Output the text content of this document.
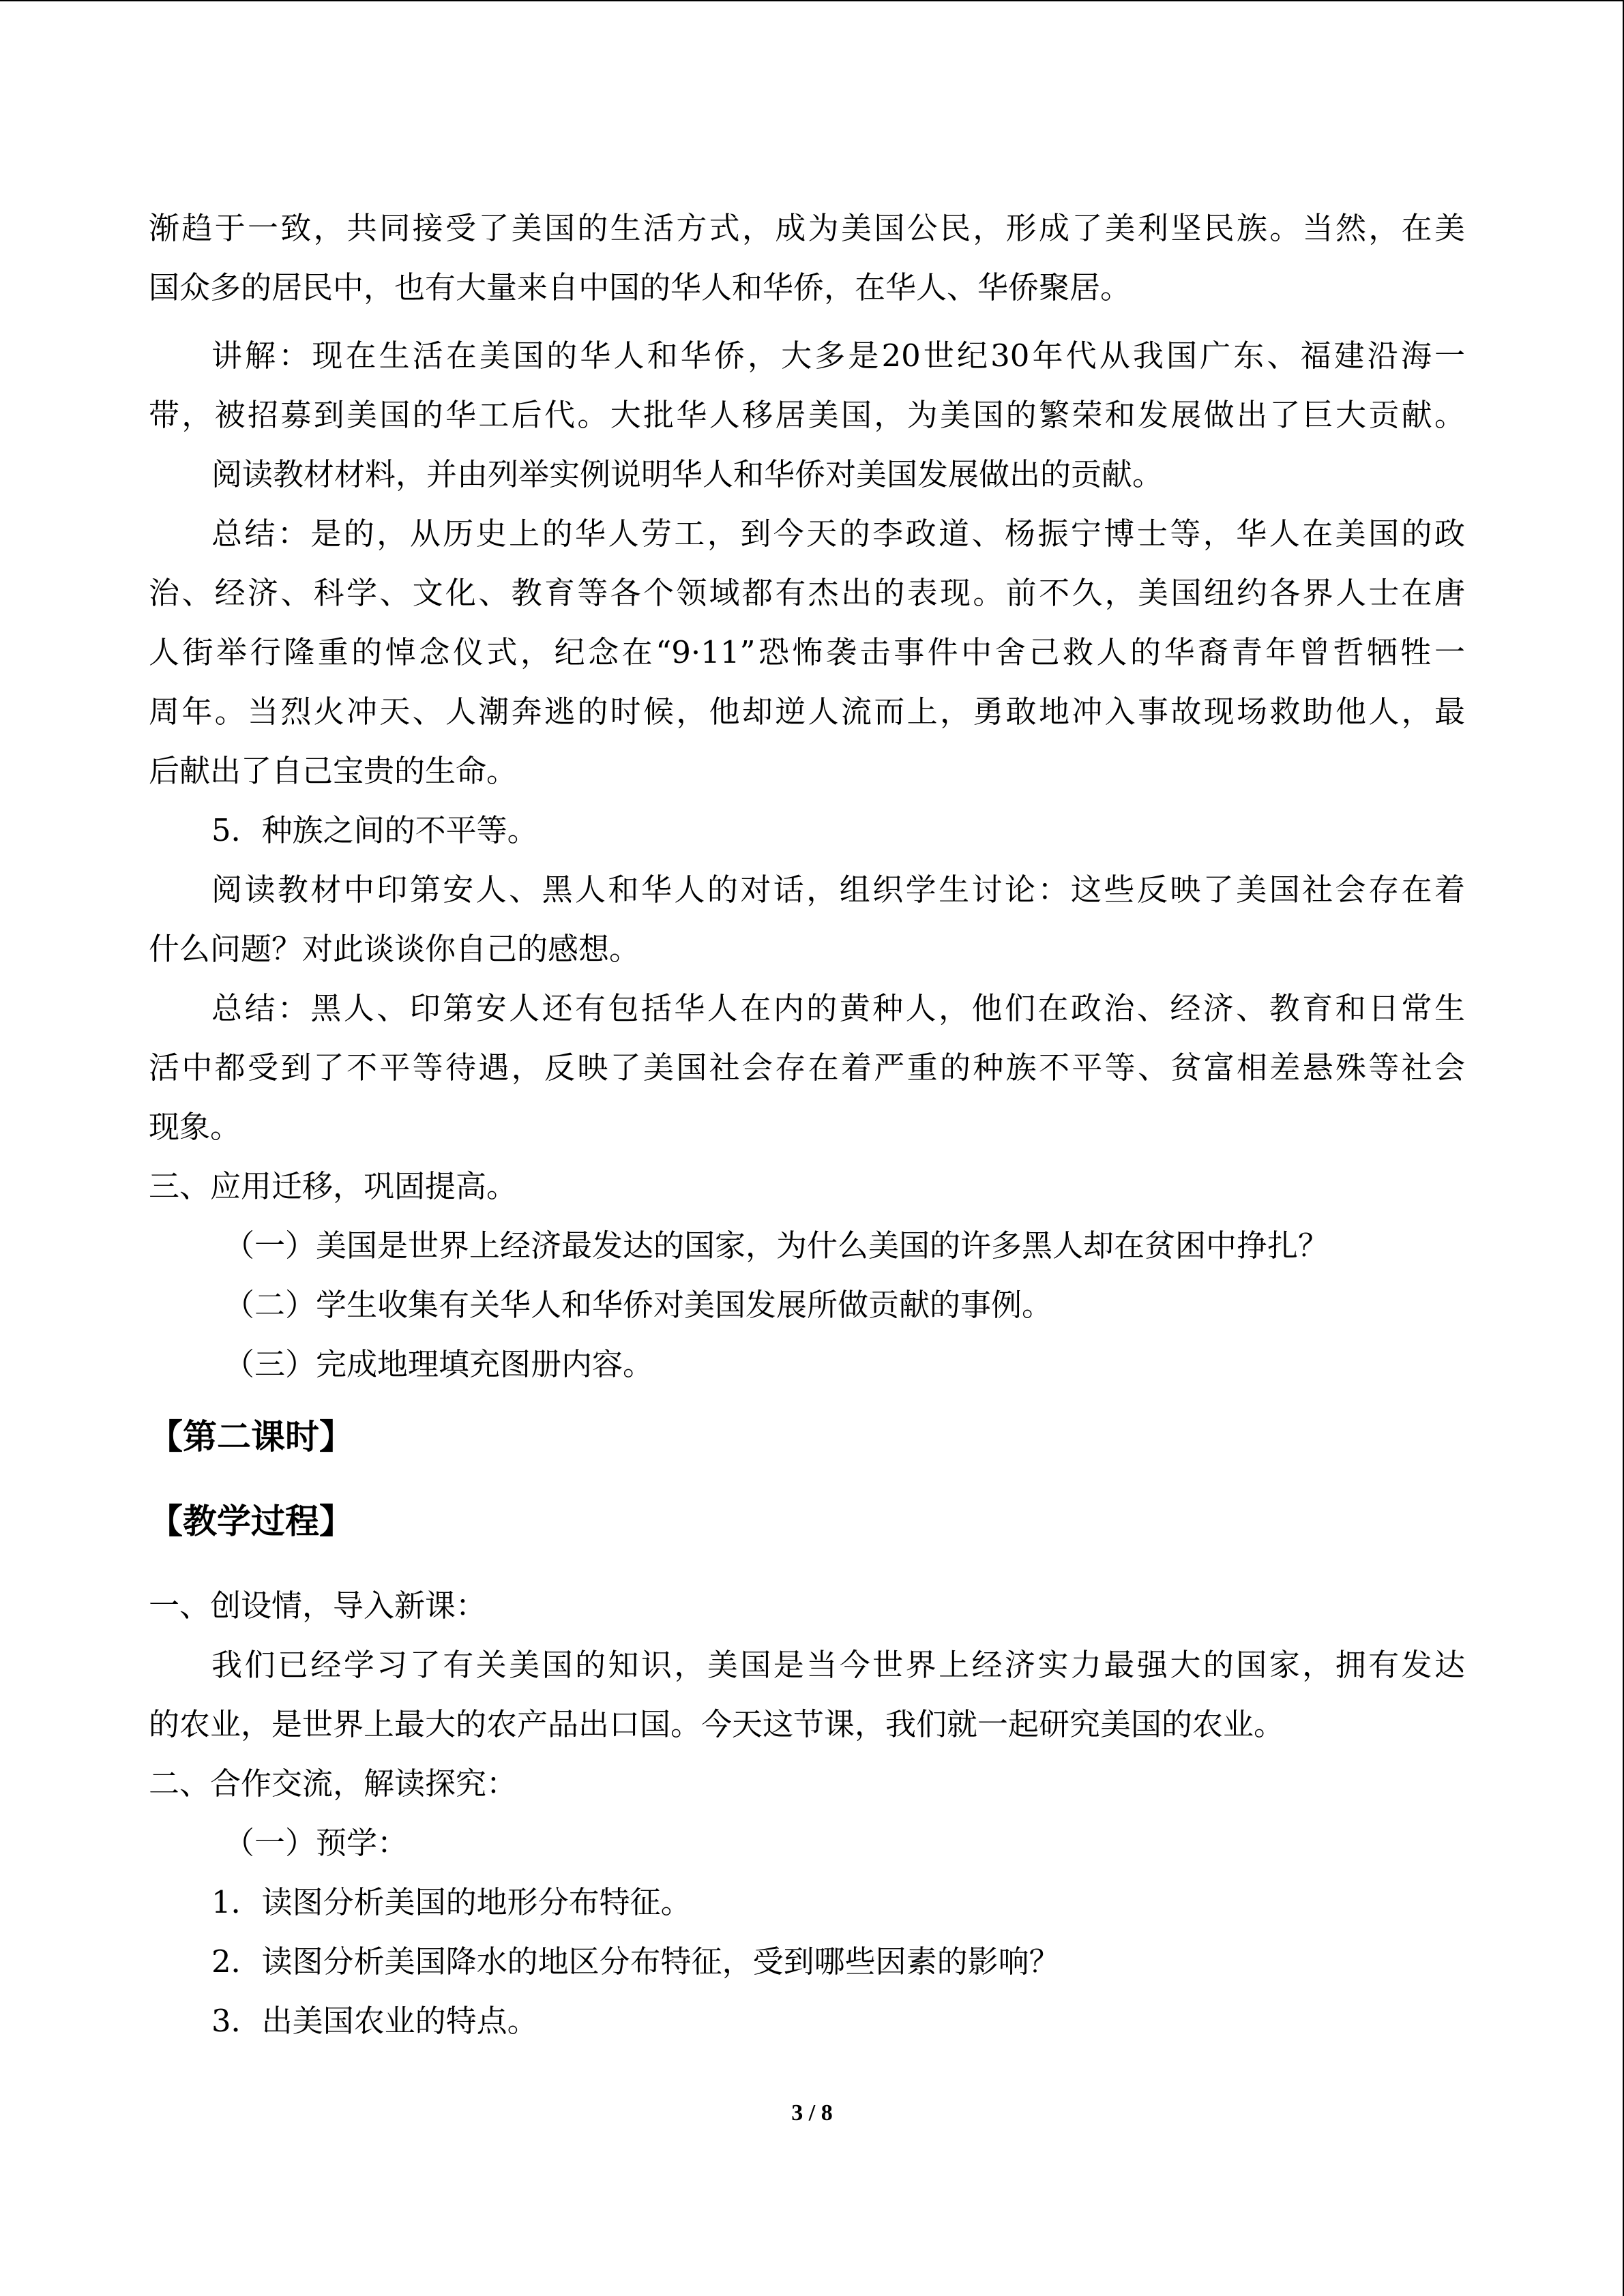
渐趋于一致，共同接受了美国的生活方式，成为美国公民，形成了美利坚民族。当然，在美
国众多的居民中，也有大量来自中国的华人和华侨，在华人、华侨聚居。
讲解：现在生活在美国的华人和华侨，大多是20世纪30年代从我国广东、福建沿海一
带，被招募到美国的华工后代。大批华人移居美国，为美国的繁荣和发展做出了巨大贡献。
阅读教材材料，并由列举实例说明华人和华侨对美国发展做出的贡献。
总结：是的，从历史上的华人劳工，到今天的李政道、杨振宁博士等，华人在美国的政
治、经济、科学、文化、教育等各个领域都有杰出的表现。前不久，美国纽约各界人士在唐
人街举行隆重的悼念仪式，纪念在“9·11”恐怖袭击事件中舍己救人的华裔青年曾哲牺牲一
周年。当烈火冲天、人潮奔逃的时候，他却逆人流而上，勇敢地冲入事故现场救助他人，最
后献出了自己宝贵的生命。
5．种族之间的不平等。
阅读教材中印第安人、黑人和华人的对话，组织学生讨论：这些反映了美国社会存在着
什么问题？对此谈谈你自己的感想。
总结：黑人、印第安人还有包括华人在内的黄种人，他们在政治、经济、教育和日常生
活中都受到了不平等待遇，反映了美国社会存在着严重的种族不平等、贫富相差悬殊等社会
现象。
三、应用迁移，巩固提高。
（一）美国是世界上经济最发达的国家，为什么美国的许多黑人却在贫困中挣扎？
（二）学生收集有关华人和华侨对美国发展所做贡献的事例。
（三）完成地理填充图册内容。
【第二课时】
【教学过程】
一、创设情，导入新课：
我们已经学习了有关美国的知识，美国是当今世界上经济实力最强大的国家，拥有发达
的农业，是世界上最大的农产品出口国。今天这节课，我们就一起研究美国的农业。
二、合作交流，解读探究：
（一）预学：
1．读图分析美国的地形分布特征。
2．读图分析美国降水的地区分布特征，受到哪些因素的影响？
3．出美国农业的特点。
3 / 8
